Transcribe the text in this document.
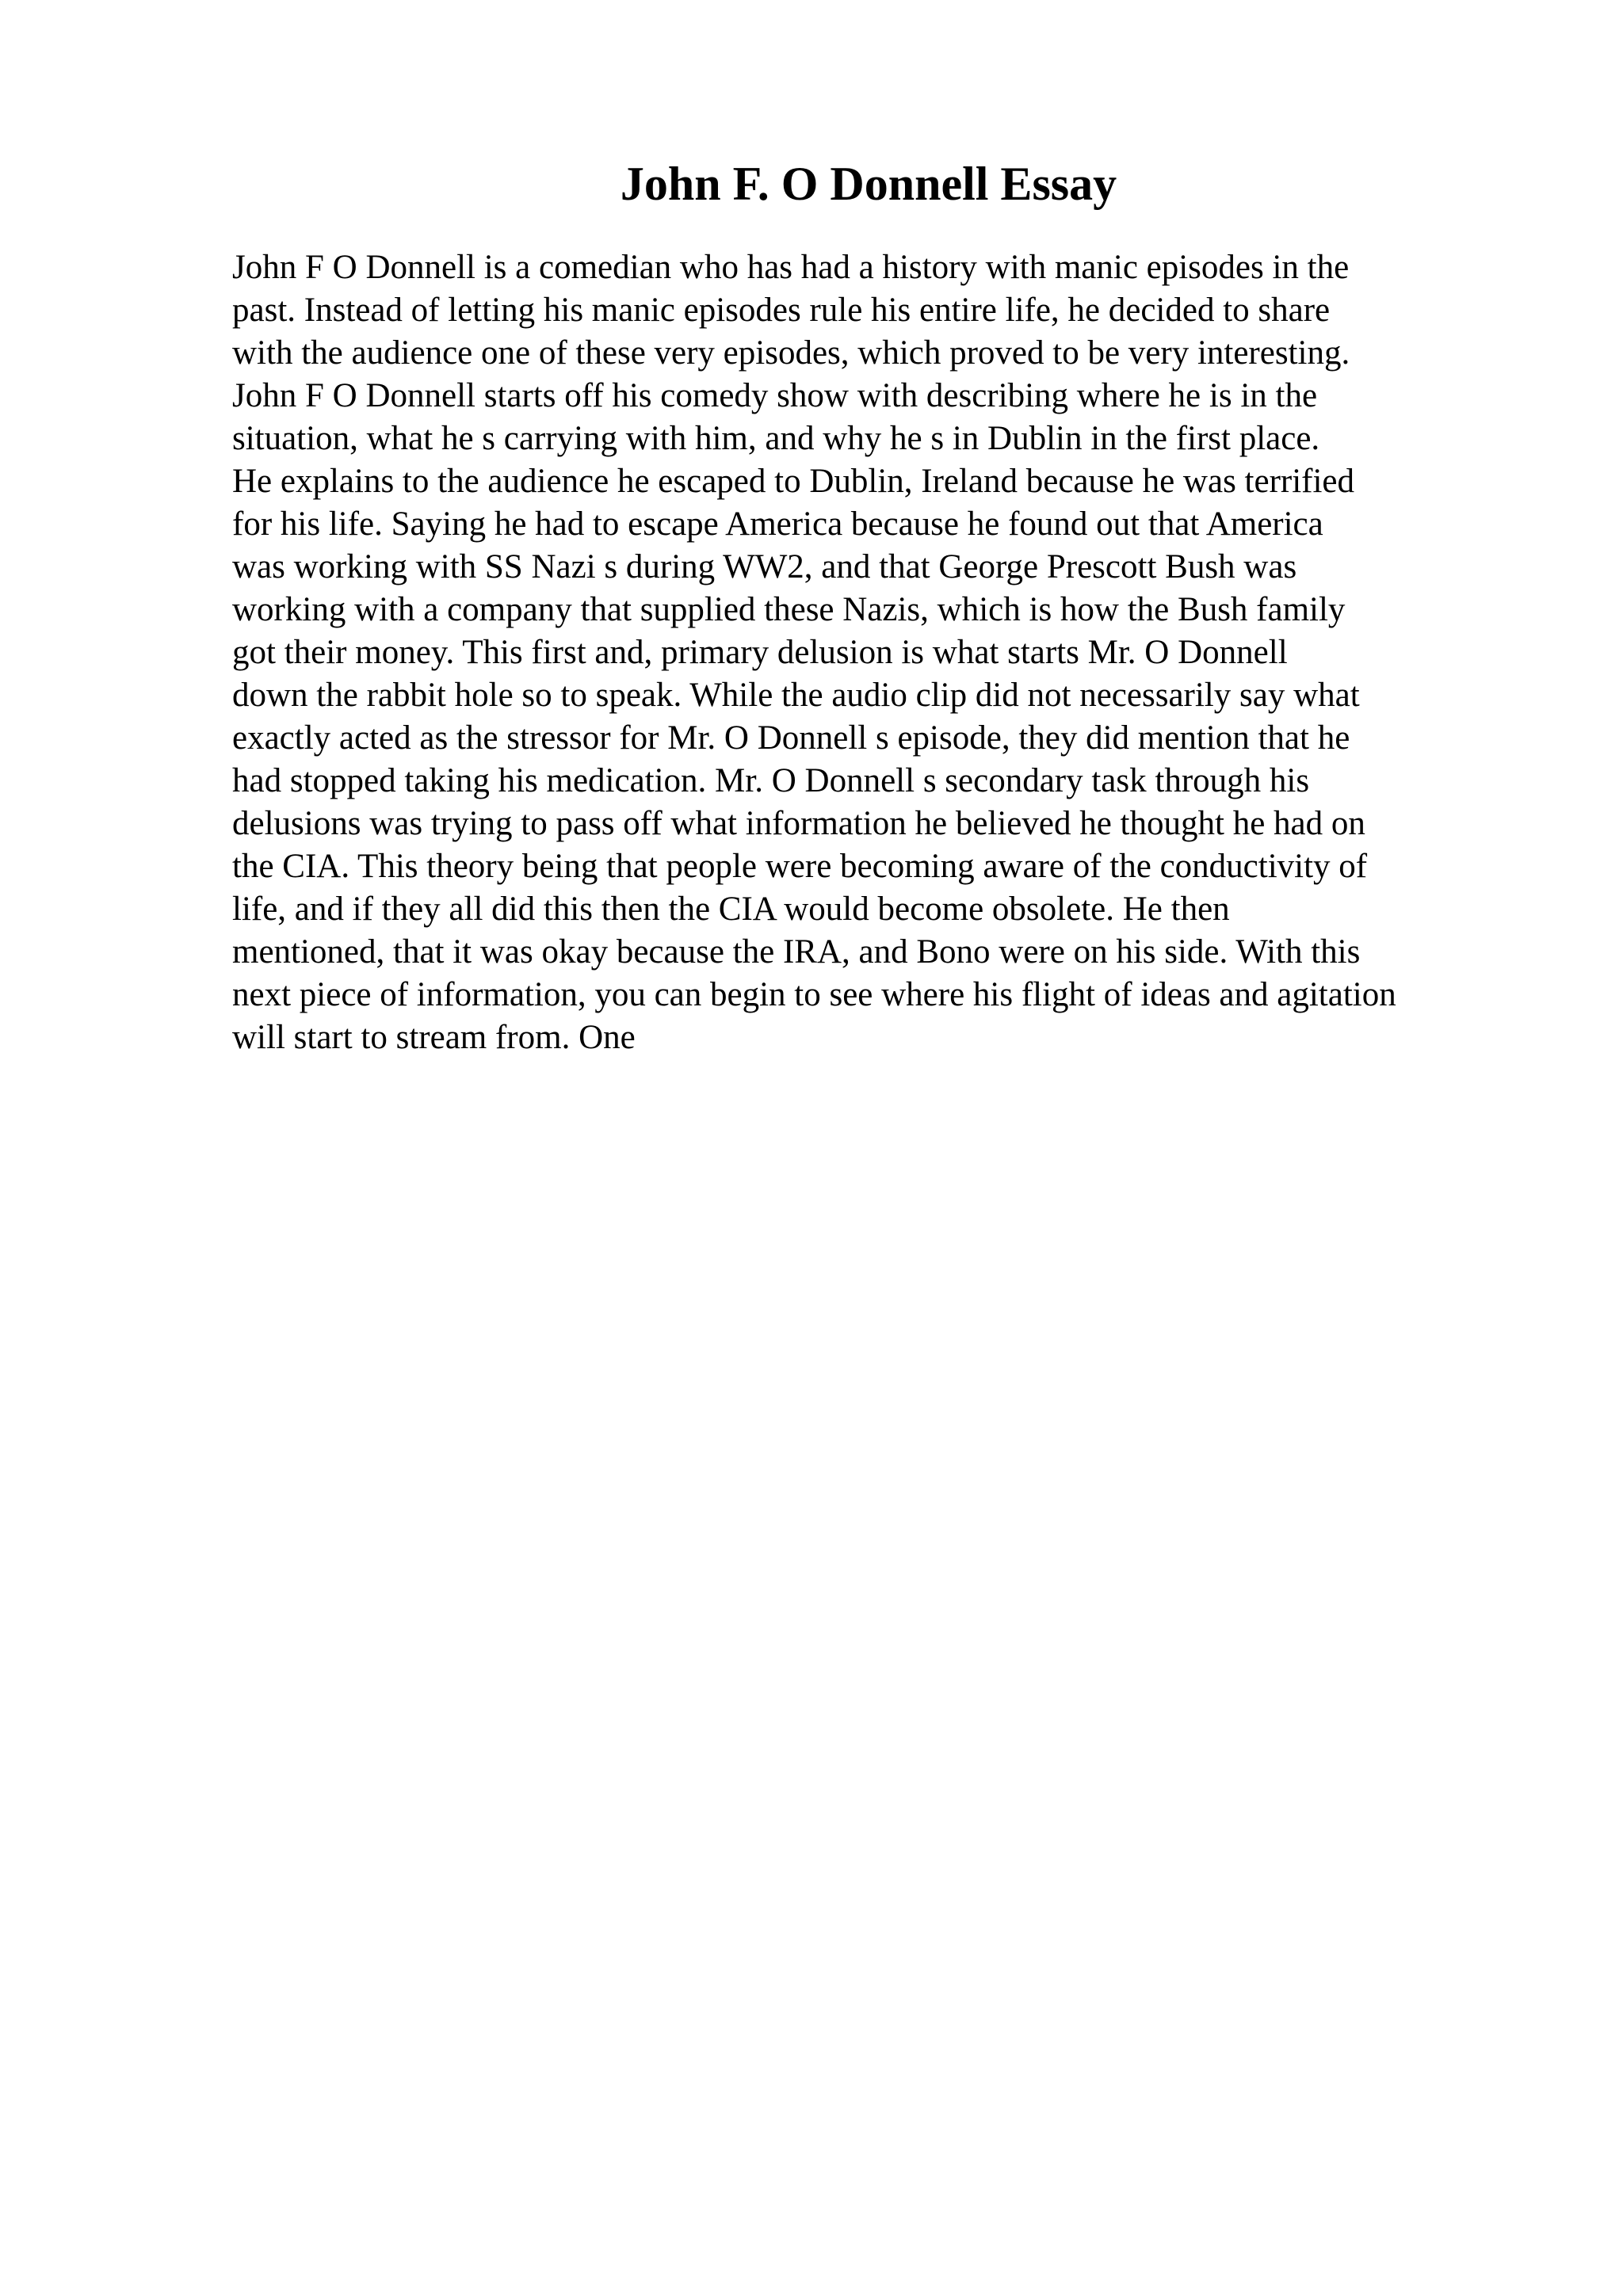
John F. O Donnell Essay

John F O Donnell is a comedian who has had a history with manic episodes in the
past. Instead of letting his manic episodes rule his entire life, he decided to share
with the audience one of these very episodes, which proved to be very interesting.
John F O Donnell starts off his comedy show with describing where he is in the
situation, what he s carrying with him, and why he s in Dublin in the first place.
He explains to the audience he escaped to Dublin, Ireland because he was terrified
for his life. Saying he had to escape America because he found out that America
was working with SS Nazi s during WW2, and that George Prescott Bush was
working with a company that supplied these Nazis, which is how the Bush family
got their money. This first and, primary delusion is what starts Mr. O Donnell
down the rabbit hole so to speak. While the audio clip did not necessarily say what
exactly acted as the stressor for Mr. O Donnell s episode, they did mention that he
had stopped taking his medication. Mr. O Donnell s secondary task through his
delusions was trying to pass off what information he believed he thought he had on
the CIA. This theory being that people were becoming aware of the conductivity of
life, and if they all did this then the CIA would become obsolete. He then
mentioned, that it was okay because the IRA, and Bono were on his side. With this
next piece of information, you can begin to see where his flight of ideas and agitation
will start to stream from. One
